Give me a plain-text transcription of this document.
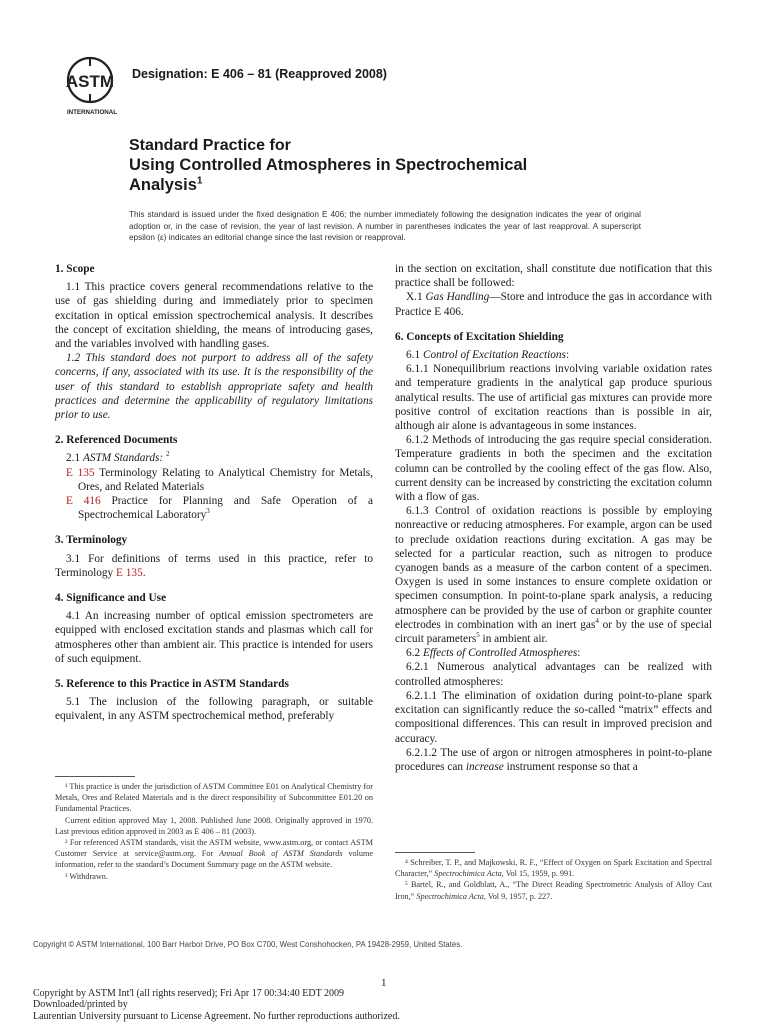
ASTM
INTERNATIONAL
Designation: E 406 – 81 (Reapproved 2008)
Standard Practice for
Using Controlled Atmospheres in Spectrochemical
Analysis$^1$
This standard is issued under the fixed designation E 406; the number immediately following the designation indicates the year of original adoption or, in the case of revision, the year of last revision. A number in parentheses indicates the year of last reapproval. A superscript epsilon (ε) indicates an editorial change since the last revision or reapproval.
1. Scope

1.1 This practice covers general recommendations relative to the use of gas shielding during and immediately prior to specimen excitation in optical emission spectrochemical analysis. It describes the concept of excitation shielding, the means of introducing gases, and the variables involved with handling gases.

1.2 This standard does not purport to address all of the safety concerns, if any, associated with its use. It is the responsibility of the user of this standard to establish appropriate safety and health practices and determine the applicability of regulatory limitations prior to use.

2. Referenced Documents

2.1 ASTM Standards: $^2$

E 135 Terminology Relating to Analytical Chemistry for Metals, Ores, and Related Materials

E 416 Practice for Planning and Safe Operation of a Spectrochemical Laboratory$^3$

3. Terminology

3.1 For definitions of terms used in this practice, refer to Terminology E 135.

4. Significance and Use

4.1 An increasing number of optical emission spectrometers are equipped with enclosed excitation stands and plasmas which call for atmospheres other than ambient air. This practice is intended for users of such equipment.

5. Reference to this Practice in ASTM Standards

5.1 The inclusion of the following paragraph, or suitable equivalent, in any ASTM spectrochemical method, preferably

in the section on excitation, shall constitute due notification that this practice shall be followed:

X.1 Gas Handling—Store and introduce the gas in accordance with Practice E 406.

6. Concepts of Excitation Shielding

6.1 Control of Excitation Reactions:

6.1.1 Nonequilibrium reactions involving variable oxidation rates and temperature gradients in the analytical gap produce spurious analytical results. The use of artificial gas mixtures can provide more positive control of excitation reactions than is possible in air, although air alone is advantageous in some instances.

6.1.2 Methods of introducing the gas require special consideration. Temperature gradients in both the specimen and the excitation column can be controlled by the cooling effect of the gas flow. Also, current density can be increased by constricting the excitation column with a flow of gas.

6.1.3 Control of oxidation reactions is possible by employing nonreactive or reducing atmospheres. For example, argon can be used to preclude oxidation reactions during excitation. A gas may be selected for a particular reaction, such as nitrogen to produce cyanogen bands as a measure of the carbon content of a specimen. Oxygen is used in some instances to ensure complete oxidation or specimen consumption. In point-to-plane spark analysis, a reducing atmosphere can be provided by the use of carbon or graphite counter electrodes in combination with an inert gas$^4$ or by the use of special circuit parameters$^5$ in ambient air.

6.2 Effects of Controlled Atmospheres:

6.2.1 Numerous analytical advantages can be realized with controlled atmospheres:

6.2.1.1 The elimination of oxidation during point-to-plane spark excitation can significantly reduce the so-called “matrix” effects and compositional differences. This can result in improved precision and accuracy.

6.2.1.2 The use of argon or nitrogen atmospheres in point-to-plane procedures can increase instrument response so that a

¹ This practice is under the jurisdiction of ASTM Committee E01 on Analytical Chemistry for Metals, Ores and Related Materials and is the direct responsibility of Subcommittee E01.20 on Fundamental Practices.

Current edition approved May 1, 2008. Published June 2008. Originally approved in 1970. Last previous edition approved in 2003 as E 406 – 81 (2003).

² For referenced ASTM standards, visit the ASTM website, www.astm.org, or contact ASTM Customer Service at service@astm.org. For Annual Book of ASTM Standards volume information, refer to the standard’s Document Summary page on the ASTM website.

³ Withdrawn.

⁴ Schreiber, T. P., and Majkowski, R. F., “Effect of Oxygen on Spark Excitation and Spectral Character,” Spectrochimica Acta, Vol 15, 1959, p. 991.

⁵ Bartel, R., and Goldblatt, A., “The Direct Reading Spectrometric Analysis of Alloy Cast Iron,” Spectrochimica Acta, Vol 9, 1957, p. 227.

Copyright © ASTM International, 100 Barr Harbor Drive, PO Box C700, West Conshohocken, PA 19428-2959, United States.
1
Copyright by ASTM Int'l (all rights reserved); Fri Apr 17 00:34:40 EDT 2009
Downloaded/printed by
Laurentian University pursuant to License Agreement. No further reproductions authorized.
